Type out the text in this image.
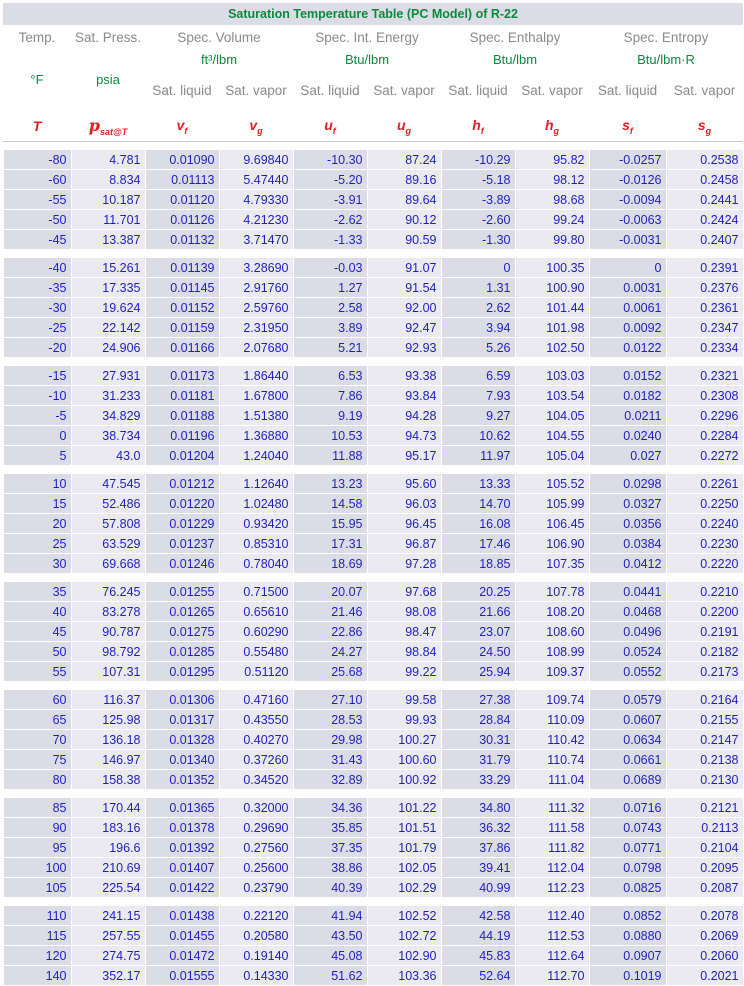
Saturation Temperature Table (PC Model) of R-22									
Temp.	Sat. Press.	Spec. Volume		Spec. Int. Energy		Spec. Enthalpy		Spec. Entropy	
°F	psia	ft³/lbm		Btu/lbm		Btu/lbm		Btu/lbm·R	
		Sat. liquid	Sat. vapor	Sat. liquid	Sat. vapor	Sat. liquid	Sat. vapor	Sat. liquid	Sat. vapor
T	$p_{sat@T}$	$v_f$	$v_g$	$u_f$	$u_g$	$h_f$	$h_g$	$s_f$	$s_g$

-80	4.781	0.01090	9.69840	-10.30	87.24	-10.29	95.82	-0.0257	0.2538
-60	8.834	0.01113	5.47440	-5.20	89.16	-5.18	98.12	-0.0126	0.2458
-55	10.187	0.01120	4.79330	-3.91	89.64	-3.89	98.68	-0.0094	0.2441
-50	11.701	0.01126	4.21230	-2.62	90.12	-2.60	99.24	-0.0063	0.2424
-45	13.387	0.01132	3.71470	-1.33	90.59	-1.30	99.80	-0.0031	0.2407

-40	15.261	0.01139	3.28690	-0.03	91.07	0	100.35	0	0.2391
-35	17.335	0.01145	2.91760	1.27	91.54	1.31	100.90	0.0031	0.2376
-30	19.624	0.01152	2.59760	2.58	92.00	2.62	101.44	0.0061	0.2361
-25	22.142	0.01159	2.31950	3.89	92.47	3.94	101.98	0.0092	0.2347
-20	24.906	0.01166	2.07680	5.21	92.93	5.26	102.50	0.0122	0.2334

-15	27.931	0.01173	1.86440	6.53	93.38	6.59	103.03	0.0152	0.2321
-10	31.233	0.01181	1.67800	7.86	93.84	7.93	103.54	0.0182	0.2308
-5	34.829	0.01188	1.51380	9.19	94.28	9.27	104.05	0.0211	0.2296
0	38.734	0.01196	1.36880	10.53	94.73	10.62	104.55	0.0240	0.2284
5	43.0	0.01204	1.24040	11.88	95.17	11.97	105.04	0.027	0.2272

10	47.545	0.01212	1.12640	13.23	95.60	13.33	105.52	0.0298	0.2261
15	52.486	0.01220	1.02480	14.58	96.03	14.70	105.99	0.0327	0.2250
20	57.808	0.01229	0.93420	15.95	96.45	16.08	106.45	0.0356	0.2240
25	63.529	0.01237	0.85310	17.31	96.87	17.46	106.90	0.0384	0.2230
30	69.668	0.01246	0.78040	18.69	97.28	18.85	107.35	0.0412	0.2220

35	76.245	0.01255	0.71500	20.07	97.68	20.25	107.78	0.0441	0.2210
40	83.278	0.01265	0.65610	21.46	98.08	21.66	108.20	0.0468	0.2200
45	90.787	0.01275	0.60290	22.86	98.47	23.07	108.60	0.0496	0.2191
50	98.792	0.01285	0.55480	24.27	98.84	24.50	108.99	0.0524	0.2182
55	107.31	0.01295	0.51120	25.68	99.22	25.94	109.37	0.0552	0.2173

60	116.37	0.01306	0.47160	27.10	99.58	27.38	109.74	0.0579	0.2164
65	125.98	0.01317	0.43550	28.53	99.93	28.84	110.09	0.0607	0.2155
70	136.18	0.01328	0.40270	29.98	100.27	30.31	110.42	0.0634	0.2147
75	146.97	0.01340	0.37260	31.43	100.60	31.79	110.74	0.0661	0.2138
80	158.38	0.01352	0.34520	32.89	100.92	33.29	111.04	0.0689	0.2130

85	170.44	0.01365	0.32000	34.36	101.22	34.80	111.32	0.0716	0.2121
90	183.16	0.01378	0.29690	35.85	101.51	36.32	111.58	0.0743	0.2113
95	196.6	0.01392	0.27560	37.35	101.79	37.86	111.82	0.0771	0.2104
100	210.69	0.01407	0.25600	38.86	102.05	39.41	112.04	0.0798	0.2095
105	225.54	0.01422	0.23790	40.39	102.29	40.99	112.23	0.0825	0.2087

110	241.15	0.01438	0.22120	41.94	102.52	42.58	112.40	0.0852	0.2078
115	257.55	0.01455	0.20580	43.50	102.72	44.19	112.53	0.0880	0.2069
120	274.75	0.01472	0.19140	45.08	102.90	45.83	112.64	0.0907	0.2060
140	352.17	0.01555	0.14330	51.62	103.36	52.64	112.70	0.1019	0.2021
